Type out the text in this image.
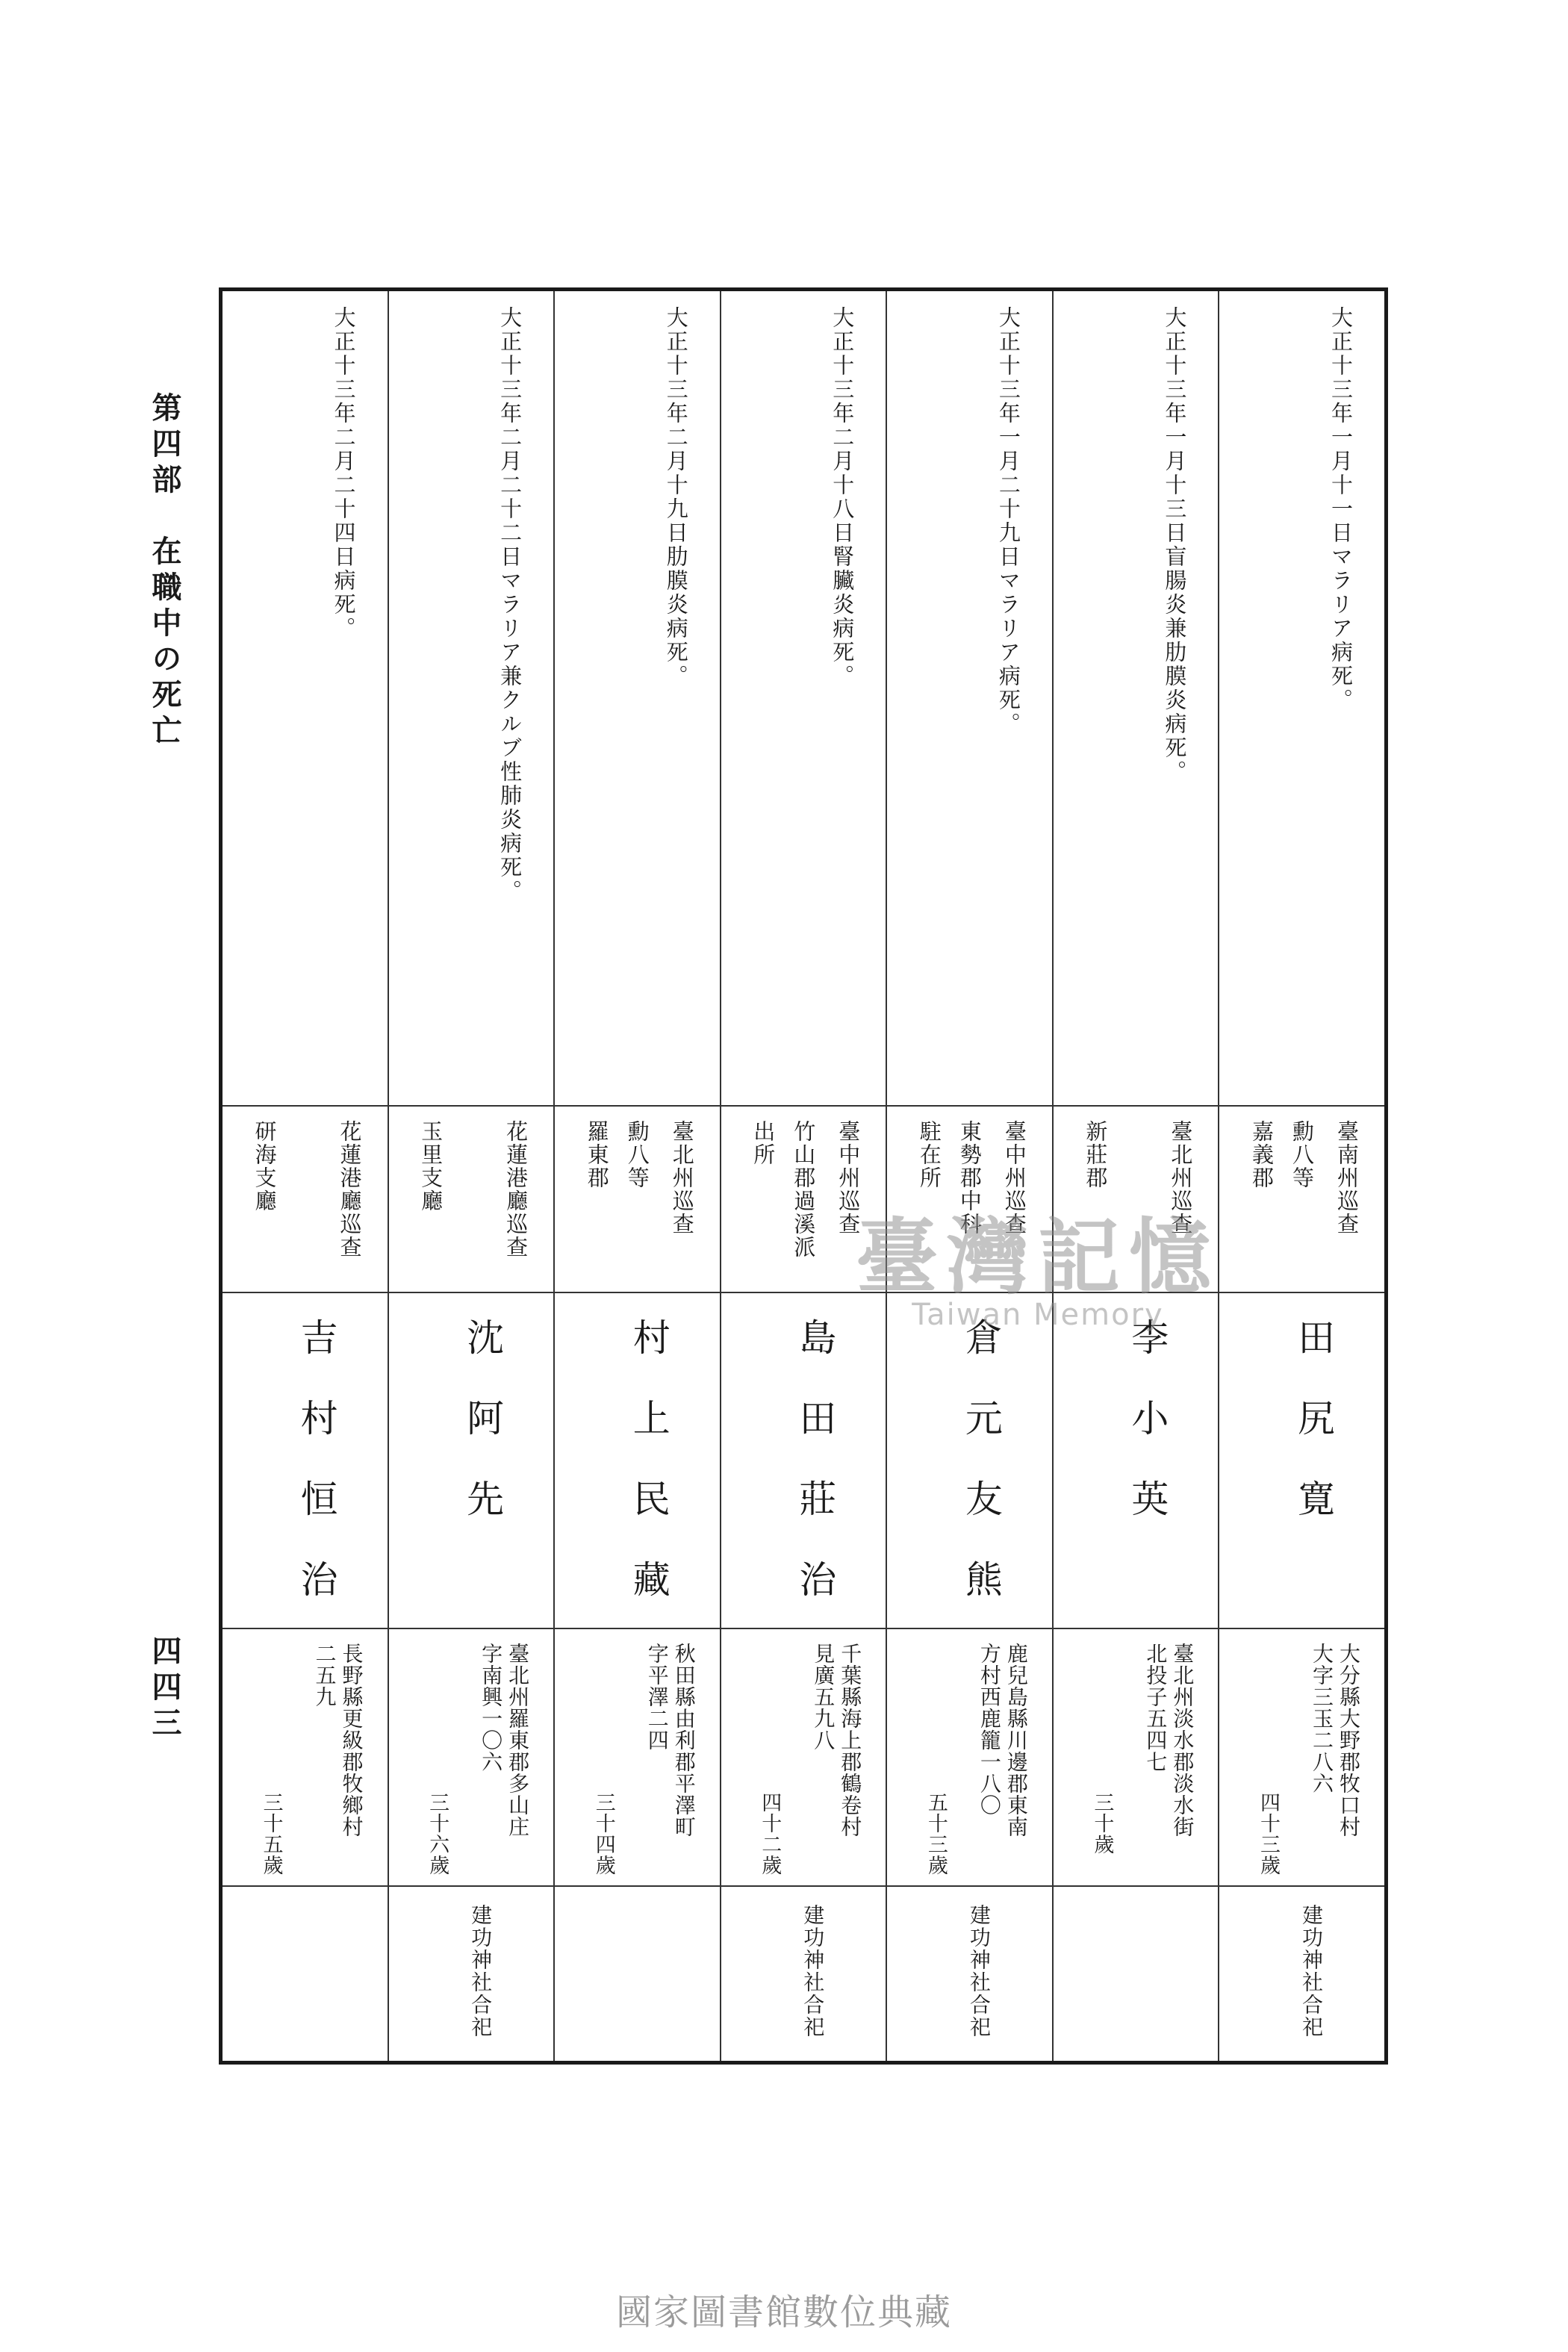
第四部　在職中の死亡
四四三
大正十三年一月十一日マラリア病死。
臺南州巡查
勳八等
嘉義郡
田尻寛
大分縣大野郡牧口村
大字三玉二八六
四十三歲
建功神社合祀
大正十三年一月十三日盲腸炎兼肋膜炎病死。
臺北州巡查
新莊郡
李小英
臺北州淡水郡淡水街
北投子五四七
三十歲
大正十三年一月二十九日マラリア病死。
臺中州巡查
東勢郡中科
駐在所
倉元友熊
鹿兒島縣川邊郡東南
方村西鹿籠一八〇
五十三歲
建功神社合祀
大正十三年二月十八日腎臟炎病死。
臺中州巡查
竹山郡過溪派
出所
島田莊治
千葉縣海上郡鶴卷村
見廣五九八
四十二歲
建功神社合祀
大正十三年二月十九日肋膜炎病死。
臺北州巡查
勳八等
羅東郡
村上民藏
秋田縣由利郡平澤町
字平澤二四
三十四歲
大正十三年二月二十二日マラリア兼クルブ性肺炎病死。
花蓮港廳巡查
玉里支廳
沈阿先
臺北州羅東郡多山庄
字南興一〇六
三十六歲
建功神社合祀
大正十三年二月二十四日病死。
花蓮港廳巡查
研海支廳
吉村恒治
長野縣更級郡牧鄉村
二五九
三十五歲
臺灣記憶
Taiwan Memory
國家圖書館數位典藏
